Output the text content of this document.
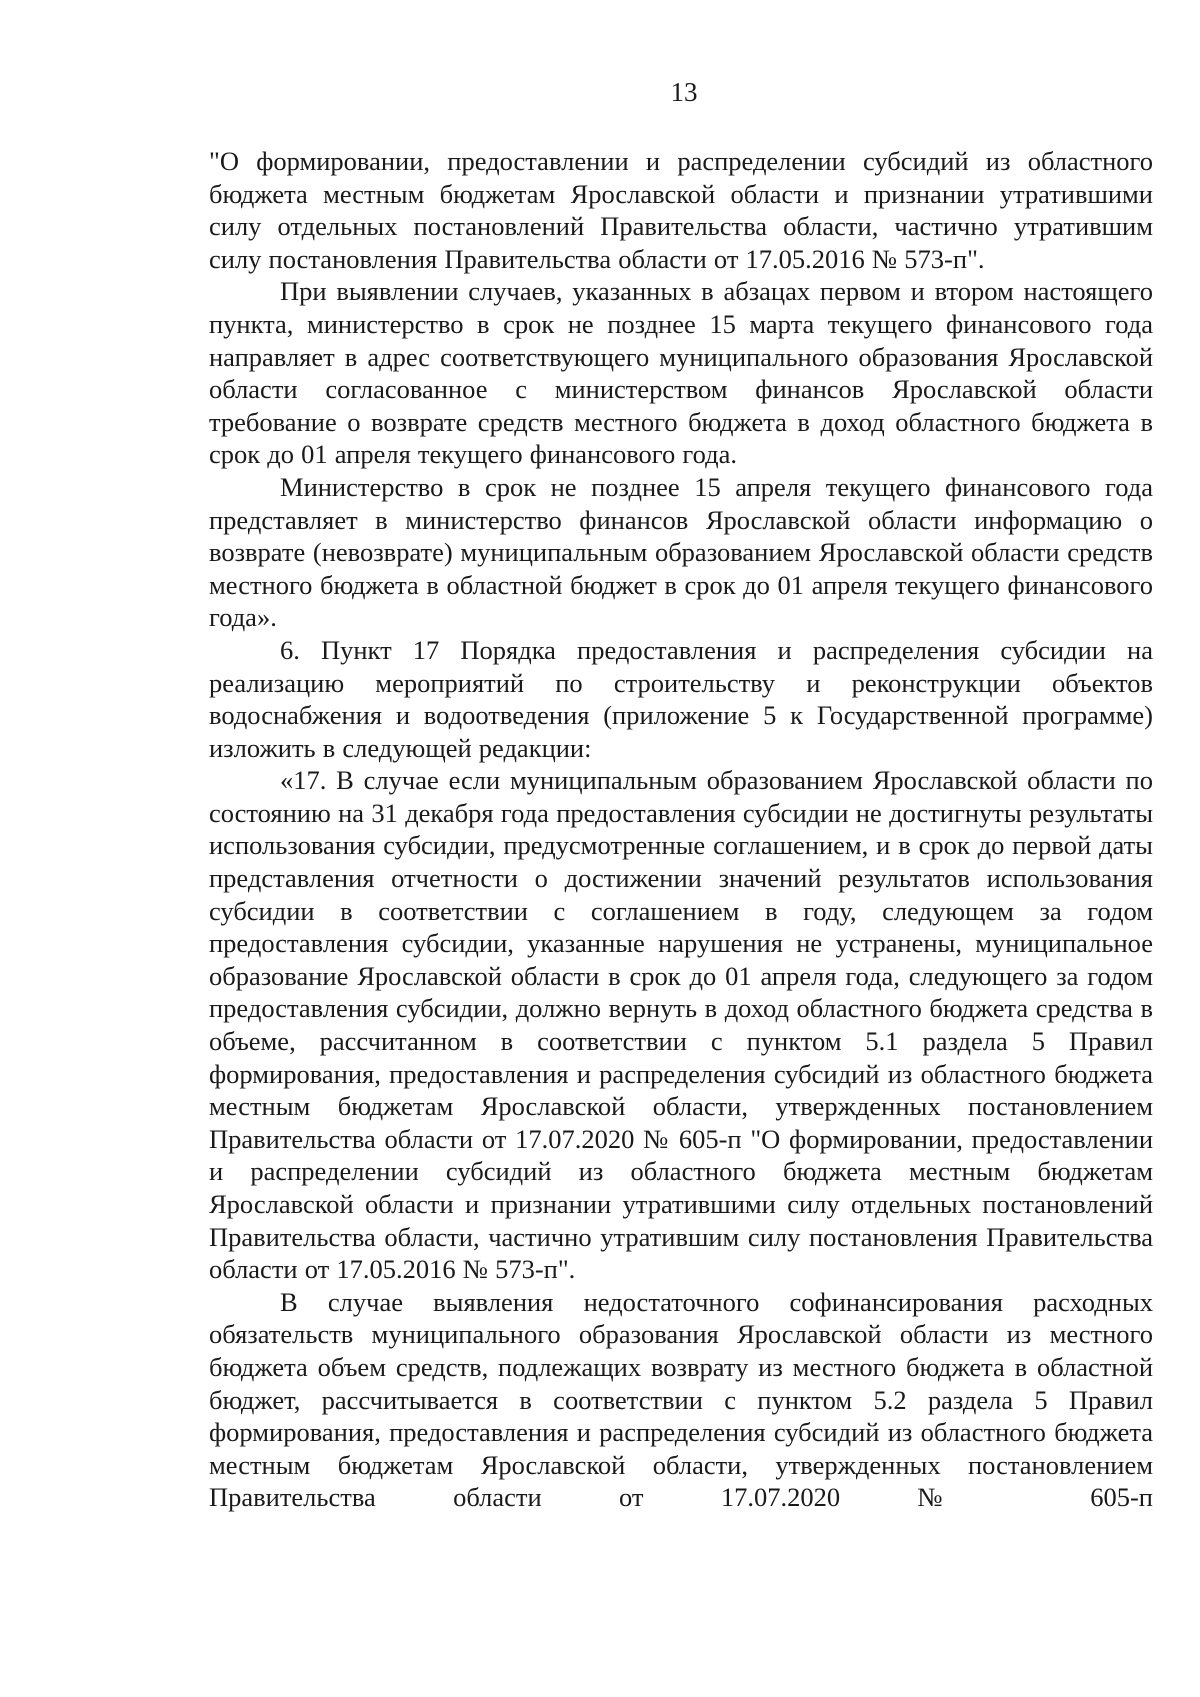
13

"О формировании, предоставлении и распределении субсидий из областного бюджета местным бюджетам Ярославской области и признании утратившими силу отдельных постановлений Правительства области, частично утратившим силу постановления Правительства области от 17.05.2016 № 573-п".

При выявлении случаев, указанных в абзацах первом и втором настоящего пункта, министерство в срок не позднее 15 марта текущего финансового года направляет в адрес соответствующего муниципального образования Ярославской области согласованное с министерством финансов Ярославской области требование о возврате средств местного бюджета в доход областного бюджета в срок до 01 апреля текущего финансового года.

Министерство в срок не позднее 15 апреля текущего финансового года представляет в министерство финансов Ярославской области информацию о возврате (невозврате) муниципальным образованием Ярославской области средств местного бюджета в областной бюджет в срок до 01 апреля текущего финансового года».

6. Пункт 17 Порядка предоставления и распределения субсидии на реализацию мероприятий по строительству и реконструкции объектов водоснабжения и водоотведения (приложение 5 к Государственной программе) изложить в следующей редакции:

«17. В случае если муниципальным образованием Ярославской области по состоянию на 31 декабря года предоставления субсидии не достигнуты результаты использования субсидии, предусмотренные соглашением, и в срок до первой даты представления отчетности о достижении значений результатов использования субсидии в соответствии с соглашением в году, следующем за годом предоставления субсидии, указанные нарушения не устранены, муниципальное образование Ярославской области в срок до 01 апреля года, следующего за годом предоставления субсидии, должно вернуть в доход областного бюджета средства в объеме, рассчитанном в соответствии с пунктом 5.1 раздела 5 Правил формирования, предоставления и распределения субсидий из областного бюджета местным бюджетам Ярославской области, утвержденных постановлением Правительства области от 17.07.2020 № 605-п "О формировании, предоставлении и распределении субсидий из областного бюджета местным бюджетам Ярославской области и признании утратившими силу отдельных постановлений Правительства области, частично утратившим силу постановления Правительства области от 17.05.2016 № 573-п".

В случае выявления недостаточного софинансирования расходных обязательств муниципального образования Ярославской области из местного бюджета объем средств, подлежащих возврату из местного бюджета в областной бюджет, рассчитывается в соответствии с пунктом 5.2 раздела 5 Правил формирования, предоставления и распределения субсидий из областного бюджета местным бюджетам Ярославской области, утвержденных постановлением Правительства области от 17.07.2020 № 605-п
